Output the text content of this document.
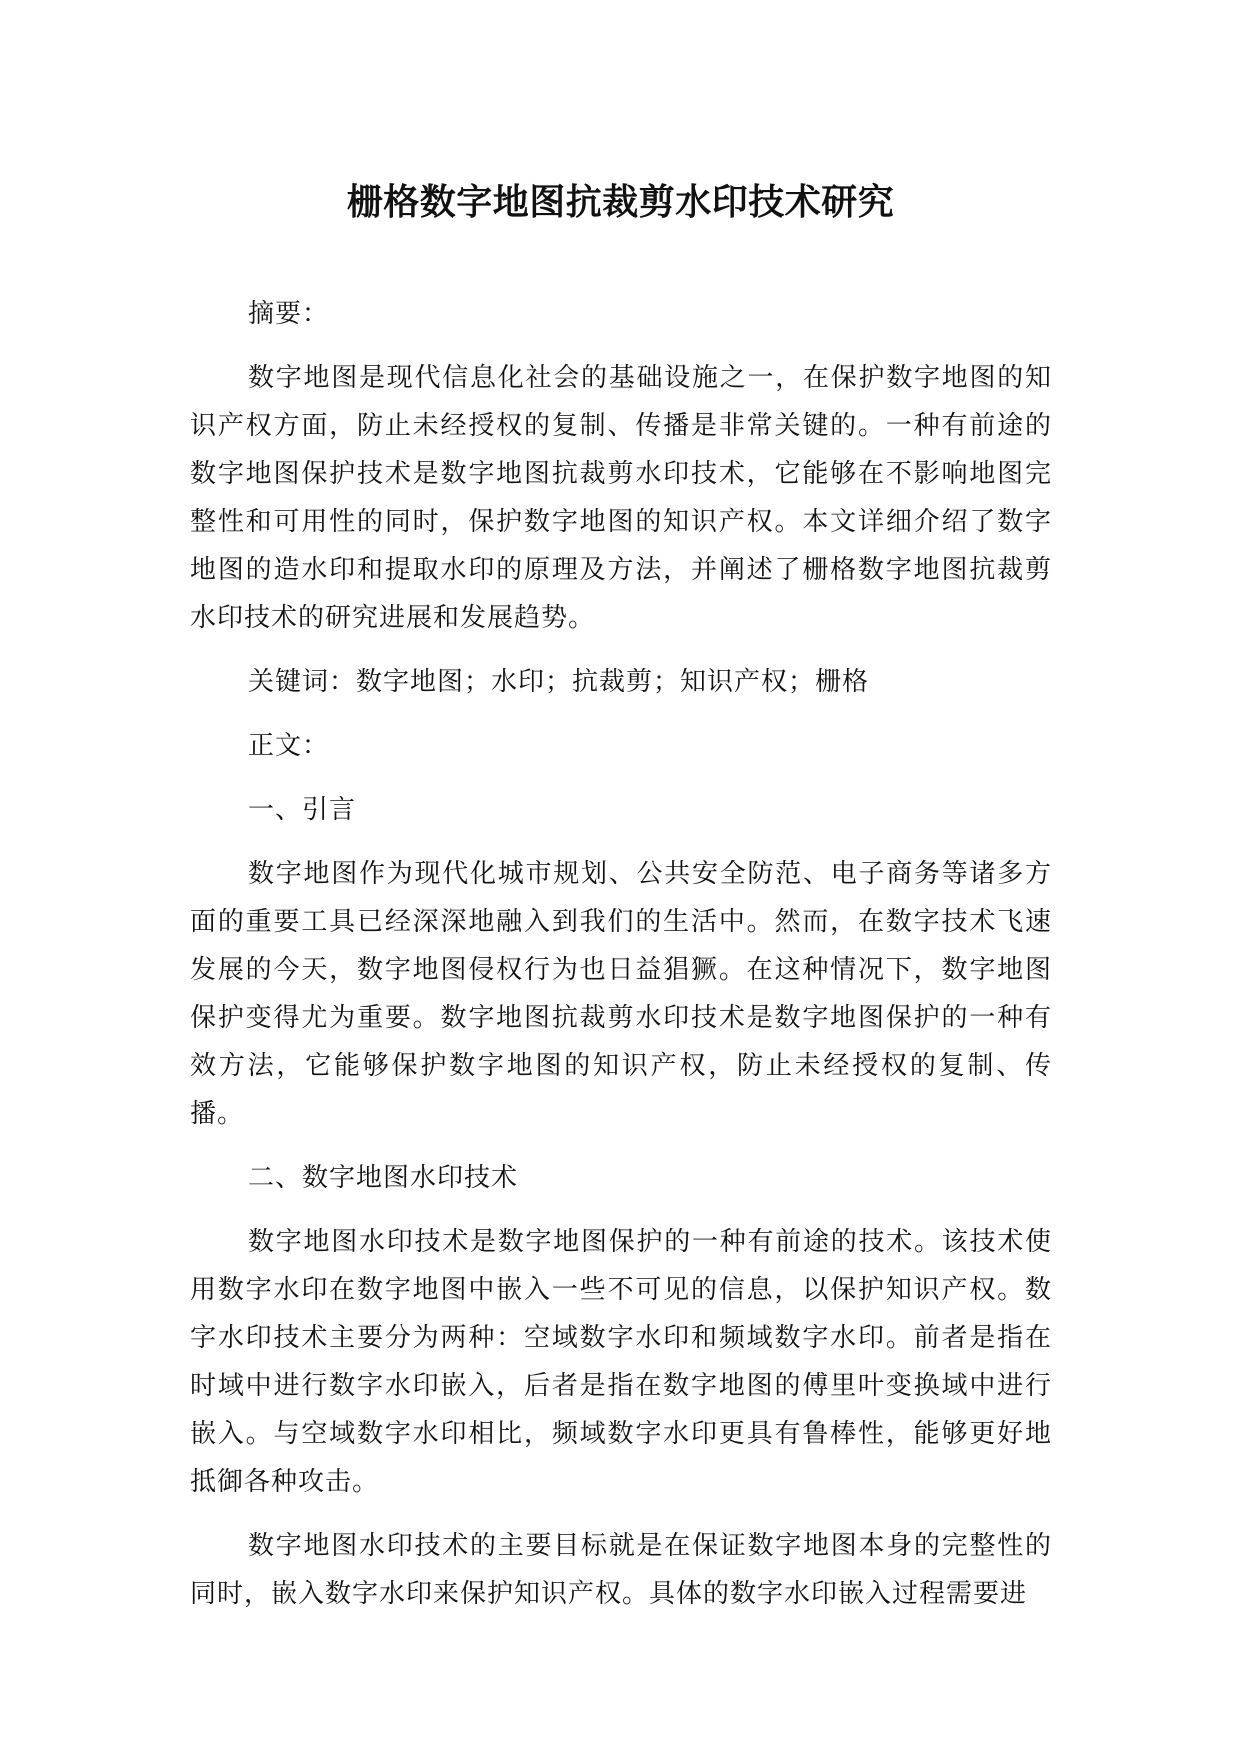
栅格数字地图抗裁剪水印技术研究

摘要：

数字地图是现代信息化社会的基础设施之一，在保护数字地图的知识产权方面，防止未经授权的复制、传播是非常关键的。一种有前途的数字地图保护技术是数字地图抗裁剪水印技术，它能够在不影响地图完整性和可用性的同时，保护数字地图的知识产权。本文详细介绍了数字地图的造水印和提取水印的原理及方法，并阐述了栅格数字地图抗裁剪水印技术的研究进展和发展趋势。

关键词：数字地图；水印；抗裁剪；知识产权；栅格

正文：

一、引言

数字地图作为现代化城市规划、公共安全防范、电子商务等诸多方面的重要工具已经深深地融入到我们的生活中。然而，在数字技术飞速发展的今天，数字地图侵权行为也日益猖獗。在这种情况下，数字地图保护变得尤为重要。数字地图抗裁剪水印技术是数字地图保护的一种有效方法，它能够保护数字地图的知识产权，防止未经授权的复制、传播。

二、数字地图水印技术

数字地图水印技术是数字地图保护的一种有前途的技术。该技术使用数字水印在数字地图中嵌入一些不可见的信息，以保护知识产权。数字水印技术主要分为两种：空域数字水印和频域数字水印。前者是指在时域中进行数字水印嵌入，后者是指在数字地图的傅里叶变换域中进行嵌入。与空域数字水印相比，频域数字水印更具有鲁棒性，能够更好地抵御各种攻击。

数字地图水印技术的主要目标就是在保证数字地图本身的完整性的同时，嵌入数字水印来保护知识产权。具体的数字水印嵌入过程需要进
